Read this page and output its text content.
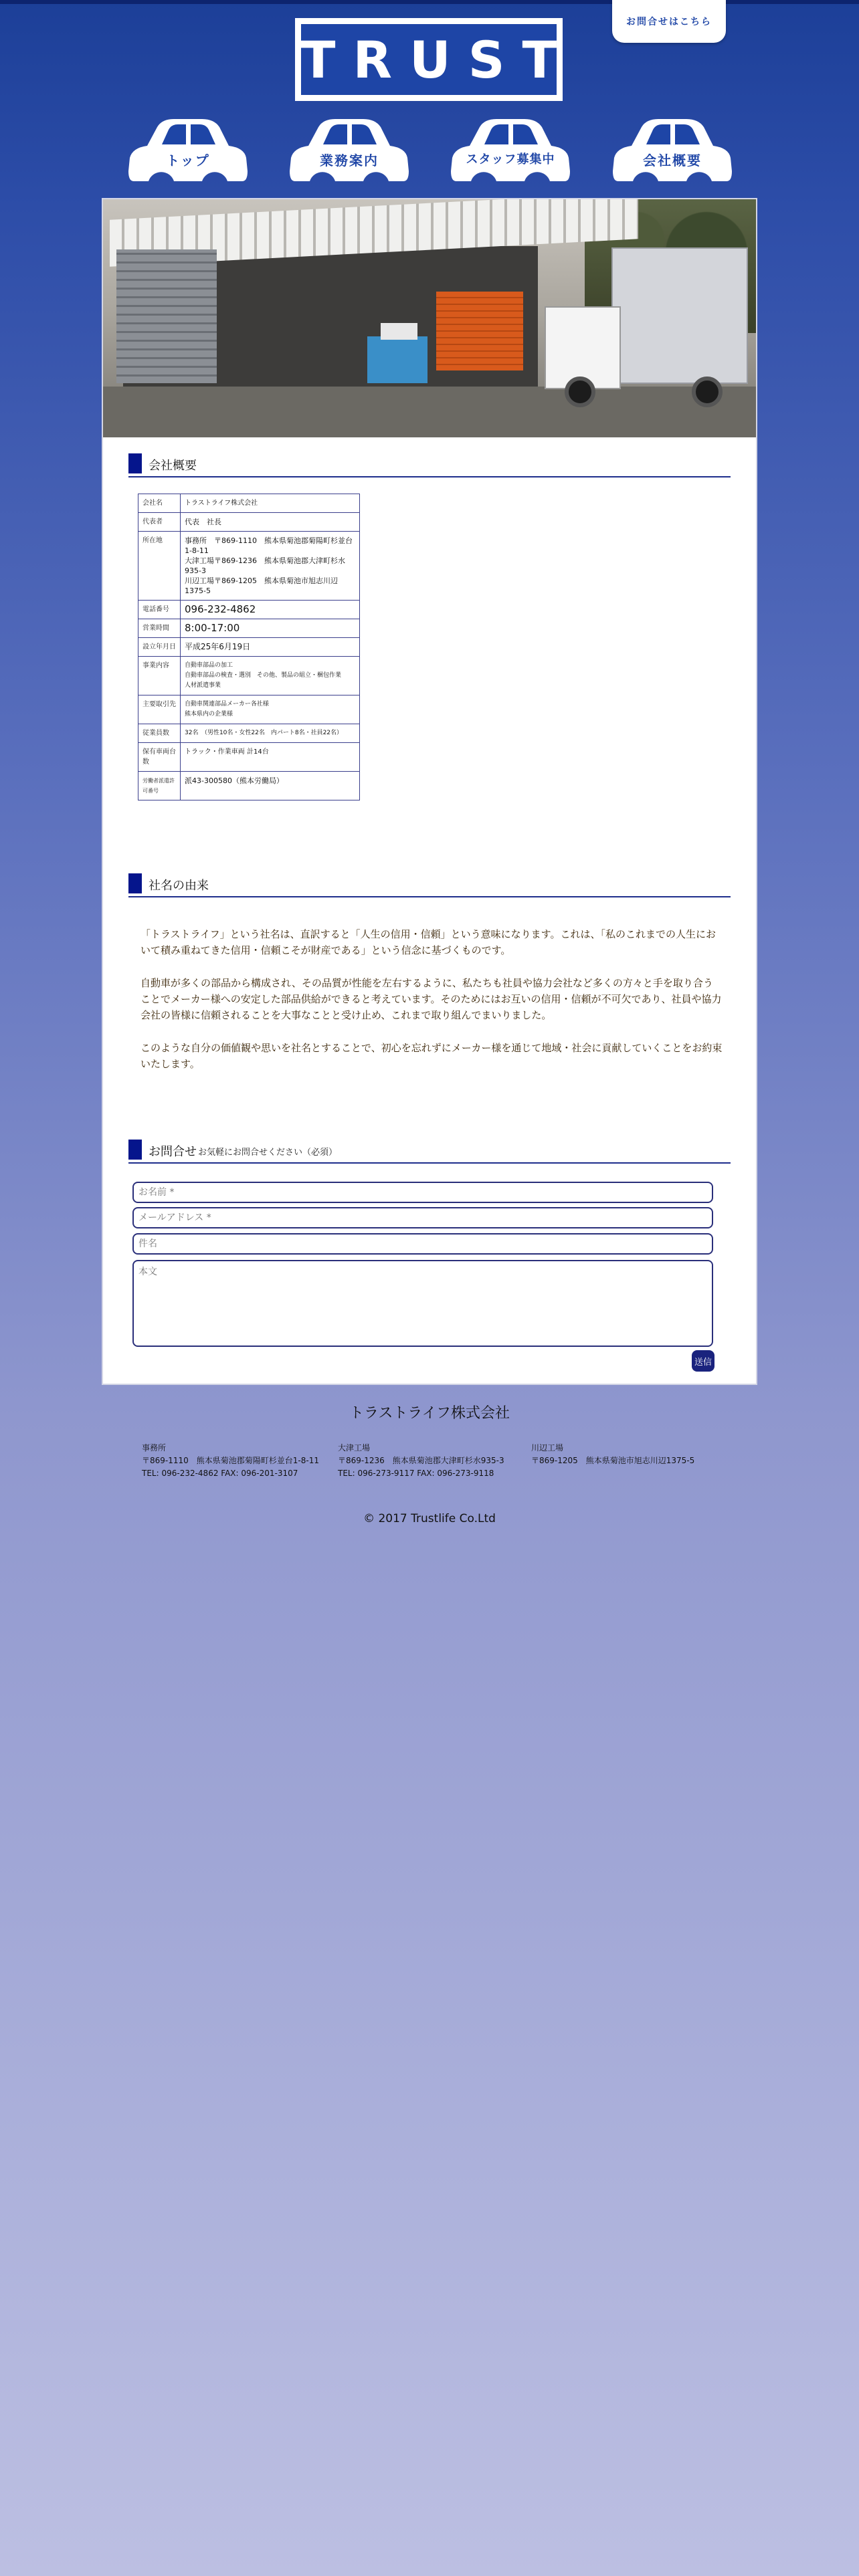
TRUST
お問合せはこちら
トップ	業務案内	スタッフ募集中	会社概要
会社概要
会社名	トラストライフ株式会社
代表者	代表　社長
所在地	事務所　〒869-1110　熊本県菊池郡菊陽町杉並台1-8-11
大津工場〒869-1236　熊本県菊池郡大津町杉水935-3
川辺工場〒869-1205　熊本県菊池市旭志川辺1375-5

電話番号	096-232-4862
営業時間	8:00-17:00
設立年月日	平成25年6月19日
事業内容	自動車部品の加工
自動車部品の検査・選別　その他、製品の組立・梱包作業
人材派遣事業

主要取引先	自動車関連部品メーカー各社様
熊本県内の企業様

従業員数	32名　（男性10名・女性22名　内パート8名・社員22名）
保有車両台数	トラック・作業車両 計14台
労働者派遣許可番号	派43-300580（熊本労働局）
社名の由来

「トラストライフ」という社名は、直訳すると「人生の信用・信頼」という意味になります。これは、「私のこれまでの人生において積み重ねてきた信用・信頼こそが財産である」という信念に基づくものです。

自動車が多くの部品から構成され、その品質が性能を左右するように、私たちも社員や協力会社など多くの方々と手を取り合うことでメーカー様への安定した部品供給ができると考えています。そのためにはお互いの信用・信頼が不可欠であり、社員や協力会社の皆様に信頼されることを大事なことと受け止め、これまで取り組んでまいりました。

このような自分の価値観や思いを社名とすることで、初心を忘れずにメーカー様を通じて地域・社会に貢献していくことをお約束いたします。

お問合せ お気軽にお問合せください（必須）
お名前 *
メールアドレス *
件名
本文
送信
トラストライフ株式会社
事務所
〒869-1110　熊本県菊池郡菊陽町杉並台1-8-11
TEL: 096-232-4862 FAX: 096-201-3107
大津工場
〒869-1236　熊本県菊池郡大津町杉水935-3
TEL: 096-273-9117 FAX: 096-273-9118
川辺工場
〒869-1205　熊本県菊池市旭志川辺1375-5
© 2017 Trustlife Co.Ltd
